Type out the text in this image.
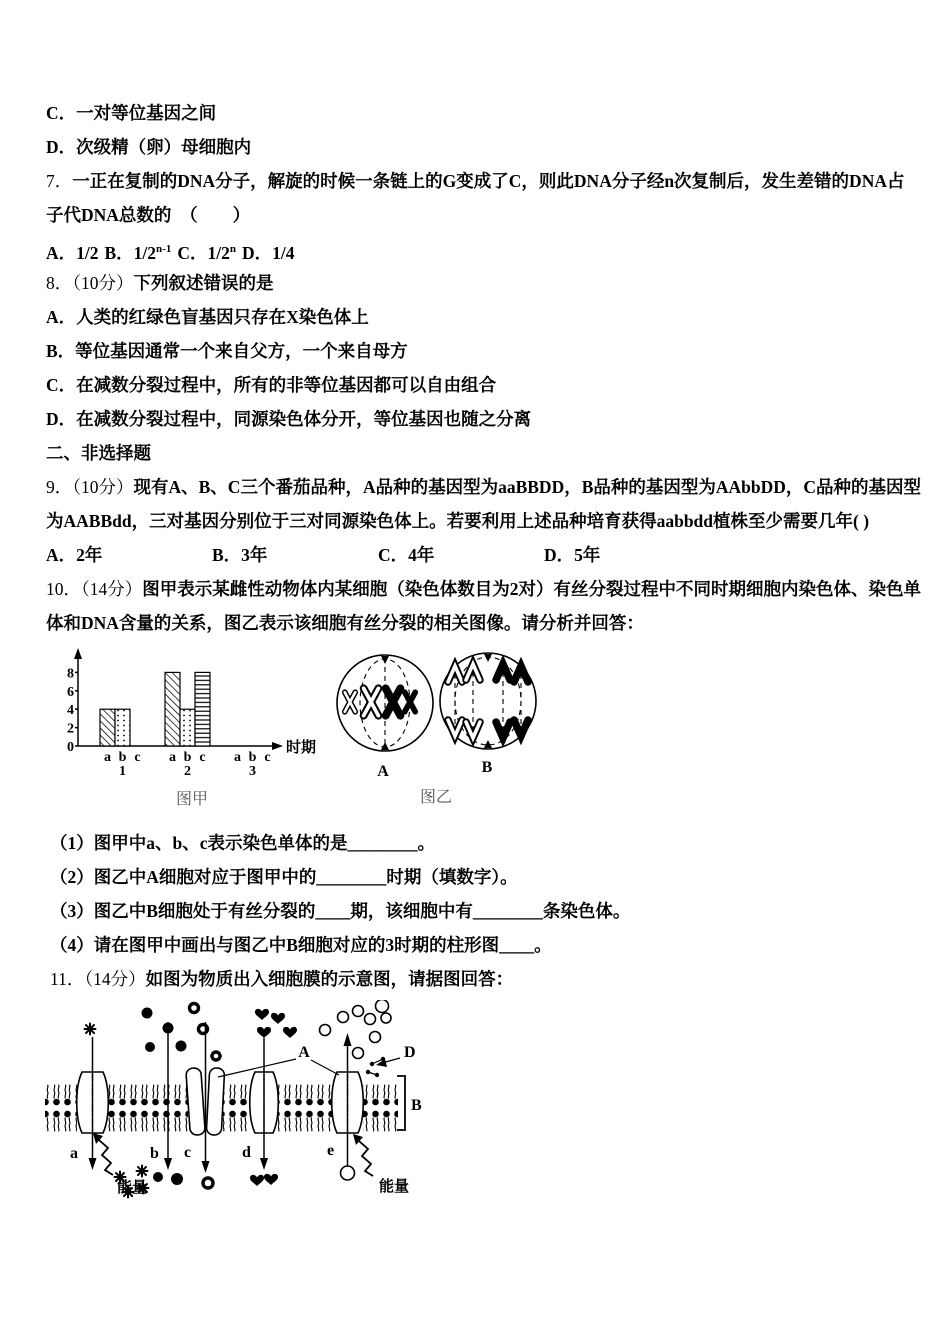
C．一对等位基因之间
D．次级精（卵）母细胞内
7．一正在复制的DNA分子，解旋的时候一条链上的G变成了C，则此DNA分子经n次复制后，发生差错的DNA占
子代DNA总数的　（　　）
A．1/2 B．1/2$^{n-1}$ C．1/2$^n$ D．1/4
8．（10分）下列叙述错误的是
A．人类的红绿色盲基因只存在X染色体上
B．等位基因通常一个来自父方，一个来自母方
C．在减数分裂过程中，所有的非等位基因都可以自由组合
D．在减数分裂过程中，同源染色体分开，等位基因也随之分离
二、非选择题
9．（10分）现有A、B、C三个番茄品种，A品种的基因型为aaBBDD，B品种的基因型为AAbbDD，C品种的基因型
为AABBdd，三对基因分别位于三对同源染色体上。若要利用上述品种培育获得aabbdd植株至少需要几年( )
A．2年	B．3年	C．4年	D．5年
10．（14分）图甲表示某雌性动物体内某细胞（染色体数目为2对）有丝分裂过程中不同时期细胞内染色体、染色单
体和DNA含量的关系，图乙表示该细胞有丝分裂的相关图像。请分析并回答：
时期
0
2
4
6
8
a b c
1
a b c
2
a b c
3	A	B
图甲	图乙
（1）图甲中a、b、c表示染色单体的是________。
（2）图乙中A细胞对应于图甲中的________时期（填数字）。
（3）图乙中B细胞处于有丝分裂的____期，该细胞中有________条染色体。
（4）请在图甲中画出与图乙中B细胞对应的3时期的柱形图____。
11．（14分）如图为物质出入细胞膜的示意图，请据图回答：
能量	能量
A	D
B
a	b c	d	e
